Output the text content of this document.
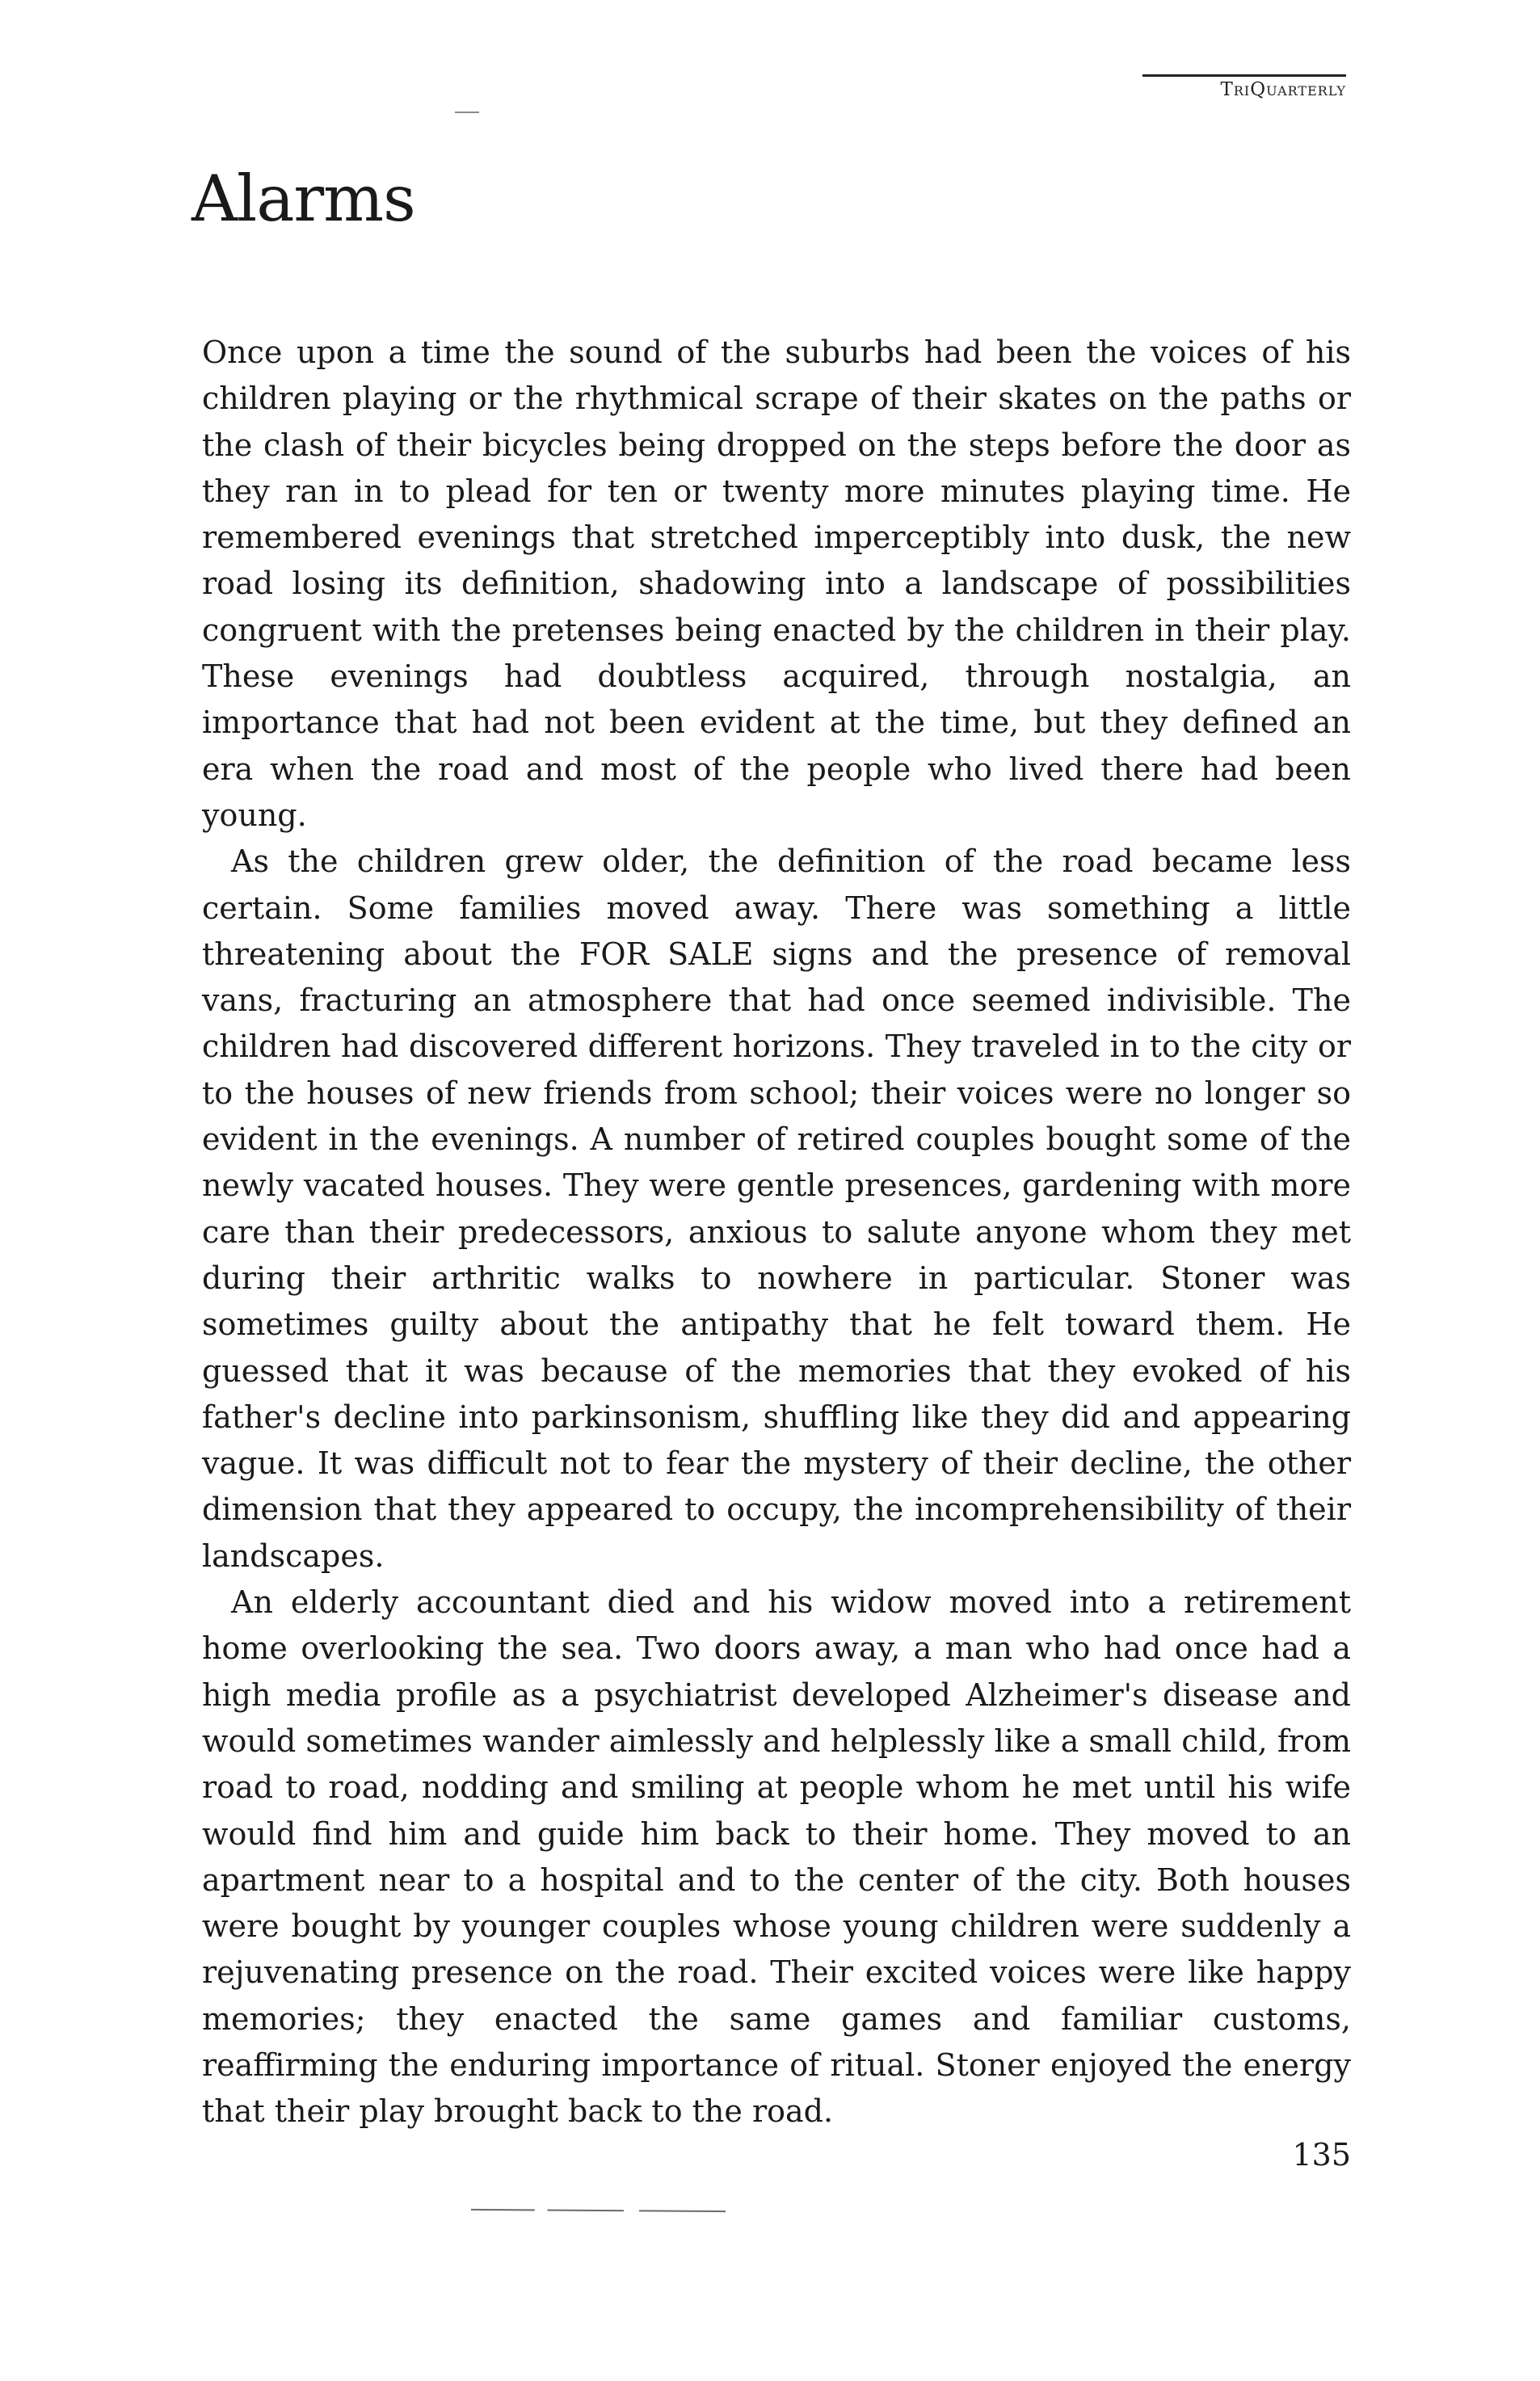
TriQuarterly
Alarms

Once upon a time the sound of the suburbs had been the voices of his children playing or the rhythmical scrape of their skates on the paths or the clash of their bicycles being dropped on the steps before the door as they ran in to plead for ten or twenty more minutes playing time. He remembered evenings that stretched imperceptibly into dusk, the new road losing its definition, shadowing into a landscape of possibilities congruent with the pretenses being enacted by the children in their play. These evenings had doubtless acquired, through nostalgia, an importance that had not been evident at the time, but they defined an era when the road and most of the people who lived there had been young.

As the children grew older, the definition of the road became less certain. Some families moved away. There was something a little threatening about the FOR SALE signs and the presence of removal vans, fracturing an atmosphere that had once seemed indivisible. The children had discovered different horizons. They traveled in to the city or to the houses of new friends from school; their voices were no longer so evident in the evenings. A number of retired couples bought some of the newly vacated houses. They were gentle presences, gardening with more care than their predecessors, anxious to salute anyone whom they met during their arthritic walks to nowhere in particular. Stoner was sometimes guilty about the antipathy that he felt toward them. He guessed that it was because of the memories that they evoked of his father's decline into parkinsonism, shuffling like they did and appearing vague. It was difficult not to fear the mystery of their decline, the other dimension that they appeared to occupy, the incomprehensibility of their landscapes.

An elderly accountant died and his widow moved into a retirement home overlooking the sea. Two doors away, a man who had once had a high media profile as a psychiatrist developed Alzheimer's disease and would sometimes wander aimlessly and helplessly like a small child, from road to road, nodding and smiling at people whom he met until his wife would find him and guide him back to their home. They moved to an apartment near to a hospital and to the center of the city. Both houses were bought by younger couples whose young children were suddenly a rejuvenating presence on the road. Their excited voices were like happy memories; they enacted the same games and familiar customs, reaffirming the enduring importance of ritual. Stoner enjoyed the energy that their play brought back to the road.

135
